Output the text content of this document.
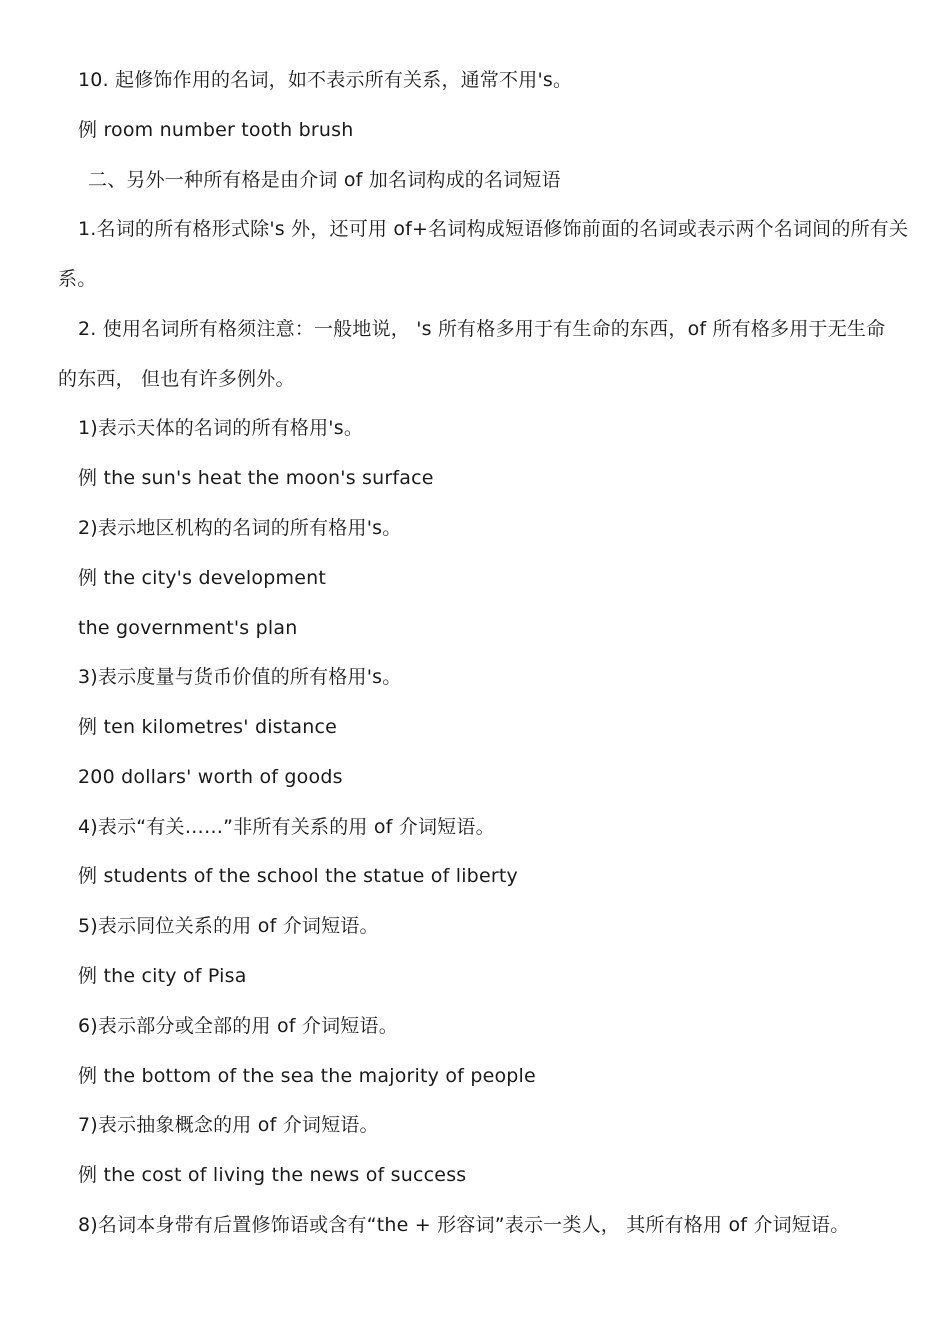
10. 起修饰作用的名词，如不表示所有关系，通常不用's。
例 room number tooth brush
二、另外一种所有格是由介词 of 加名词构成的名词短语
1.名词的所有格形式除's 外，还可用 of+名词构成短语修饰前面的名词或表示两个名词间的所有关
系。
2. 使用名词所有格须注意：一般地说， 's 所有格多用于有生命的东西，of 所有格多用于无生命
的东西， 但也有许多例外。
1)表示天体的名词的所有格用's。
例 the sun's heat the moon's surface
2)表示地区机构的名词的所有格用's。
例 the city's development
the government's plan
3)表示度量与货币价值的所有格用's。
例 ten kilometres' distance
200 dollars' worth of goods
4)表示“有关……”非所有关系的用 of 介词短语。
例 students of the school the statue of liberty
5)表示同位关系的用 of 介词短语。
例 the city of Pisa
6)表示部分或全部的用 of 介词短语。
例 the bottom of the sea the majority of people
7)表示抽象概念的用 of 介词短语。
例 the cost of living the news of success
8)名词本身带有后置修饰语或含有“the + 形容词”表示一类人， 其所有格用 of 介词短语。
